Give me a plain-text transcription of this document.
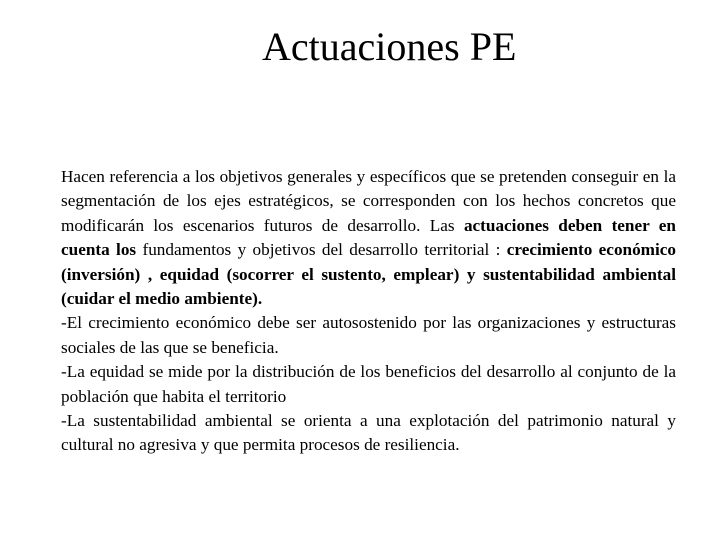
Actuaciones PE

Hacen referencia a los objetivos generales y específicos que se pretenden conseguir en la segmentación de los ejes estratégicos, se corresponden con los hechos concretos que modificarán los escenarios futuros de desarrollo. Las actuaciones deben tener en cuenta los fundamentos y objetivos del desarrollo territorial : crecimiento económico (inversión) , equidad (socorrer el sustento, emplear) y sustentabilidad ambiental (cuidar el medio ambiente).

-El crecimiento económico debe ser autosostenido por las organizaciones y estructuras sociales de las que se beneficia.

-La equidad se mide por la distribución de los beneficios del desarrollo al conjunto de la población que habita el territorio

-La sustentabilidad ambiental se orienta a una explotación del patrimonio natural y cultural no agresiva y que permita procesos de resiliencia.
